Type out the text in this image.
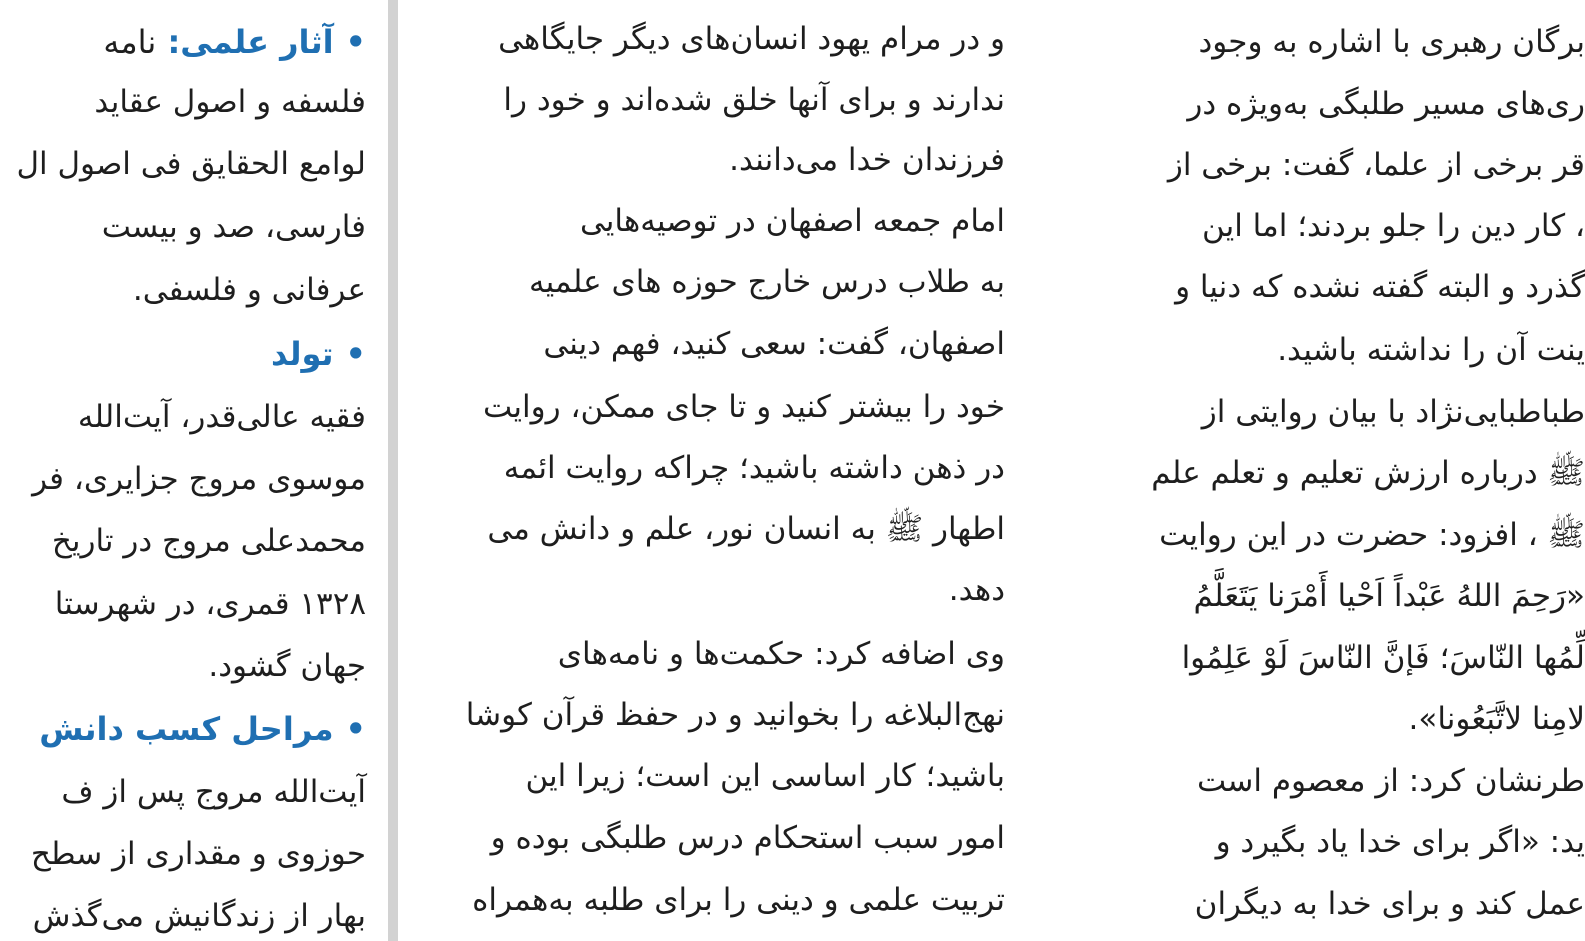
•آثار علمی: نامه
فلسفه و اصول عقاید
لوامع الحقایق فی اصول ال
فارسی، صد و بیست
عرفانی و فلسفی.
•تولد
فقیه عالی‌قدر، آیت‌الله
موسوی مروج جزایری، فر
محمدعلی مروج در تاریخ
۱۳۲۸ قمری، در شهرستا
جهان گشود.
•مراحل کسب دانش
آیت‌الله مروج پس از ف
حوزوی و مقداری از سطح
بهار از زندگانیش می‌گذش
و در مرام یهود انسان‌های دیگر جایگاهی
ندارند و برای آنها خلق شده‌اند و خود را
فرزندان خدا می‌دانند.
امام جمعه اصفهان در توصیه‌هایی
به طلاب درس خارج حوزه های علمیه
اصفهان، گفت: سعی کنید، فهم دینی
خود را بیشتر کنید و تا جای ممکن، روایت
در ذهن داشته باشید؛ چراکه روایت ائمه
اطهار ﷺ به انسان نور، علم و دانش می
دهد.
وی اضافه کرد: حکمت‌ها و نامه‌های
نهج‌البلاغه را بخوانید و در حفظ قرآن کوشا
باشید؛ کار اساسی این است؛ زیرا این
امور سبب استحکام درس طلبگی بوده و
تربیت علمی و دینی را برای طلبه به‌همراه
برگان رهبری با اشاره به وجود
ری‌های مسیر طلبگی به‌ویژه در
قر برخی از علما، گفت: برخی از
، کار دین را جلو بردند؛ اما این
گذرد و البته گفته نشده که دنیا و
ینت آن را نداشته باشید.
طباطبایی‌نژاد با بیان روایتی از
ﷺ درباره ارزش تعلیم و تعلم علم
ﷺ ، افزود: حضرت در این روایت
«رَحِمَ اللهُ عَبْداً اَحْیا أَمْرَنا یَتَعَلَّمُ
لِّمُها النّاسَ؛ فَإنَّ النّاسَ لَوْ عَلِمُوا
لامِنا لاتَّبَعُونا».
طرنشان کرد: از معصوم است
ید: «اگر برای خدا یاد بگیرد و
عمل کند و برای خدا به دیگران
